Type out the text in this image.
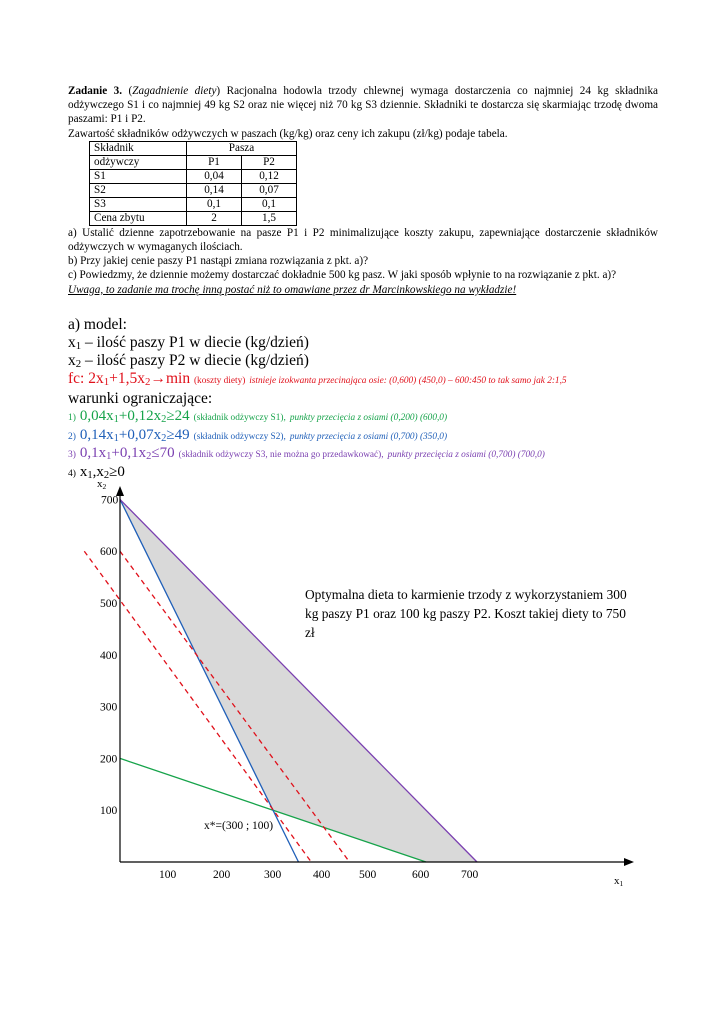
Zadanie 3. (Zagadnienie diety) Racjonalna hodowla trzody chlewnej wymaga dostarczenia co najmniej 24 kg składnika odżywczego S1 i co najmniej 49 kg S2 oraz nie więcej niż 70 kg S3 dziennie. Składniki te dostarcza się skarmiając trzodę dwoma paszami: P1 i P2.

Zawartość składników odżywczych w paszach (kg/kg) oraz ceny ich zakupu (zł/kg) podaje tabela.

Składnik	Pasza	
odżywczy	P1	P2
S1	0,04	0,12
S2	0,14	0,07
S3	0,1	0,1
Cena zbytu	2	1,5

a) Ustalić dzienne zapotrzebowanie na pasze P1 i P2 minimalizujące koszty zakupu, zapewniające dostarczenie składników odżywczych w wymaganych ilościach.

b) Przy jakiej cenie paszy P1 nastąpi zmiana rozwiązania z pkt. a)?

c) Powiedzmy, że dziennie możemy dostarczać dokładnie 500 kg pasz. W jaki sposób wpłynie to na rozwiązanie z pkt. a)?

Uwaga, to zadanie ma trochę inną postać niż to omawiane przez dr Marcinkowskiego na wykładzie!

a) model:

$x_1$ – ilość paszy P1 w diecie (kg/dzień)

$x_2$ – ilość paszy P2 w diecie (kg/dzień)

fc: $2x_1+1,5x_2\to\min$ (koszty diety) istnieje izokwanta przecinająca osie: (0,600) (450,0) – 600:450 to tak samo jak 2:1,5

warunki ograniczające:

1) $0,04x_1+0,12x_2\ge 24$ (składnik odżywczy S1), punkty przecięcia z osiami (0,200) (600,0)

2) $0,14x_1+0,07x_2\ge 49$ (składnik odżywczy S2), punkty przecięcia z osiami (0,700) (350,0)

3) $0,1x_1+0,1x_2\le 70$ (składnik odżywczy S3, nie można go przedawkować), punkty przecięcia z osiami (0,700) (700,0)

4) $x_1,x_2\ge 0$

100	200	300	400	500	600	700
100
200
300
400
500
600
700
x1
x2
x*=(300 ; 100)
Optymalna dieta to karmienie trzody z wykorzystaniem 300 kg paszy P1 oraz 100 kg paszy P2. Koszt takiej diety to 750 zł
